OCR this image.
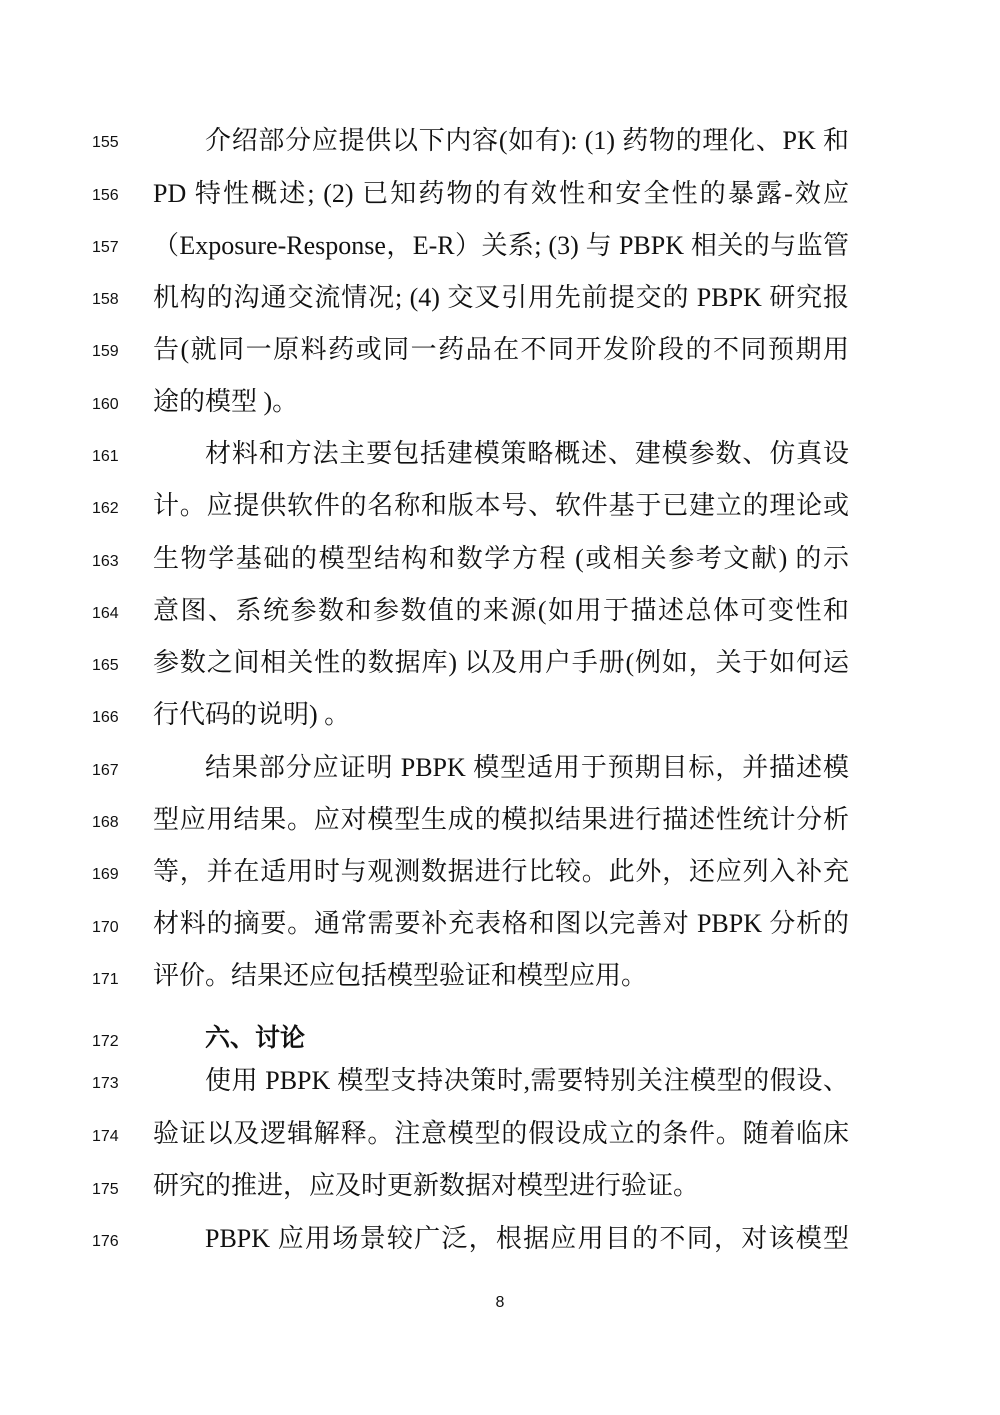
155	介绍部分应提供以下内容(如有): (1) 药物的理化、PK 和
156	PD 特性概述; (2) 已知药物的有效性和安全性的暴露-效应
157	（Exposure-Response，E-R）关系; (3) 与 PBPK 相关的与监管
158	机构的沟通交流情况; (4) 交叉引用先前提交的 PBPK 研究报
159	告(就同一原料药或同一药品在不同开发阶段的不同预期用
160	途的模型 )。
161	材料和方法主要包括建模策略概述、建模参数、仿真设
162	计。应提供软件的名称和版本号、软件基于已建立的理论或
163	生物学基础的模型结构和数学方程 (或相关参考文献) 的示
164	意图、系统参数和参数值的来源(如用于描述总体可变性和
165	参数之间相关性的数据库) 以及用户手册(例如，关于如何运
166	行代码的说明) 。
167	结果部分应证明 PBPK 模型适用于预期目标，并描述模
168	型应用结果。应对模型生成的模拟结果进行描述性统计分析
169	等，并在适用时与观测数据进行比较。此外，还应列入补充
170	材料的摘要。通常需要补充表格和图以完善对 PBPK 分析的
171	评价。结果还应包括模型验证和模型应用。
172	六、讨论
173	使用 PBPK 模型支持决策时,需要特别关注模型的假设、
174	验证以及逻辑解释。注意模型的假设成立的条件。随着临床
175	研究的推进，应及时更新数据对模型进行验证。
176	PBPK 应用场景较广泛，根据应用目的不同，对该模型
8
